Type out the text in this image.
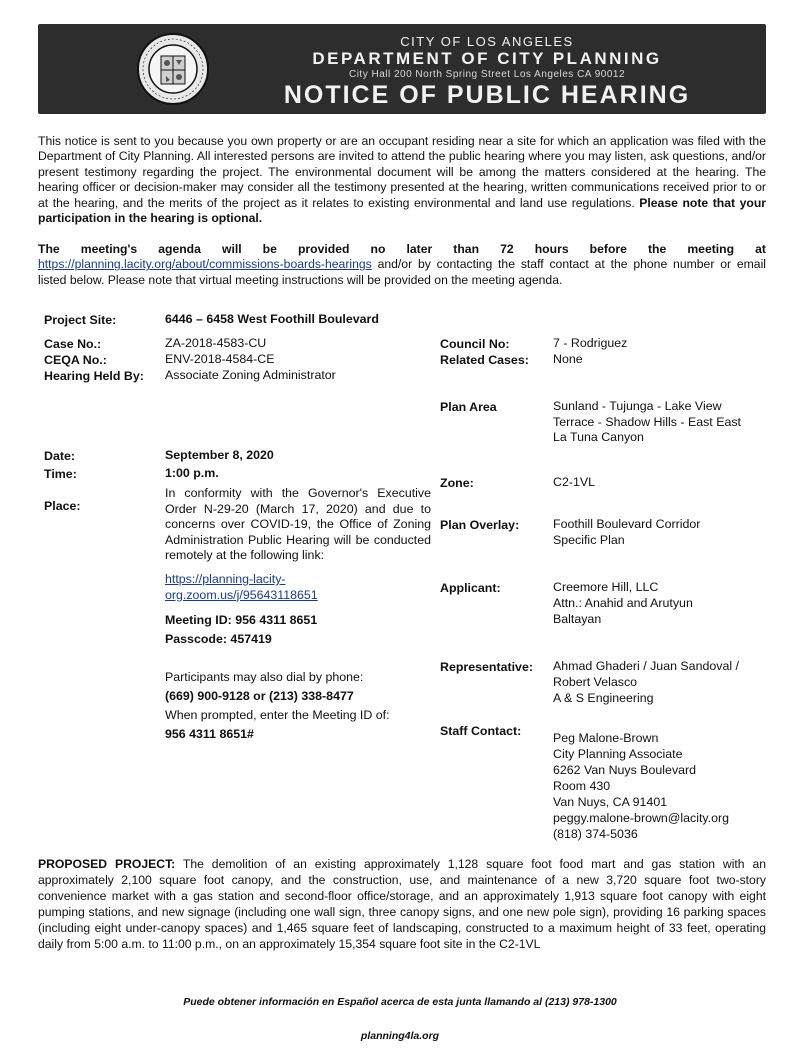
CITY OF LOS ANGELES
DEPARTMENT OF CITY PLANNING
City Hall 200 North Spring Street Los Angeles CA 90012
NOTICE OF PUBLIC HEARING
This notice is sent to you because you own property or are an occupant residing near a site for which an application was filed with the Department of City Planning. All interested persons are invited to attend the public hearing where you may listen, ask questions, and/or present testimony regarding the project. The environmental document will be among the matters considered at the hearing. The hearing officer or decision-maker may consider all the testimony presented at the hearing, written communications received prior to or at the hearing, and the merits of the project as it relates to existing environmental and land use regulations. Please note that your participation in the hearing is optional.
The meeting's agenda will be provided no later than 72 hours before the meeting at
https://planning.lacity.org/about/commissions-boards-hearings and/or by contacting the staff contact at the phone number or email listed below. Please note that virtual meeting instructions will be provided on the meeting agenda.
Project Site:	6446 – 6458 West Foothill Boulevard
Case No.:	ZA-2018-4583-CU
CEQA No.:	ENV-2018-4584-CE
Hearing Held By: Associate Zoning Administrator
Date:	September 8, 2020
Time:	1:00 p.m.
Place:
In conformity with the Governor's Executive Order N-29-20 (March 17, 2020) and due to concerns over COVID-19, the Office of Zoning Administration Public Hearing will be conducted remotely at the following link:
https://planning-lacity-org.zoom.us/j/95643118651
Meeting ID: 956 4311 8651
Passcode: 457419
Participants may also dial by phone:
(669) 900-9128 or (213) 338-8477
When prompted, enter the Meeting ID of:
956 4311 8651#
Council No:	7 - Rodriguez
Related Cases: None
Plan Area	Sunland - Tujunga - Lake View Terrace - Shadow Hills - East East La Tuna Canyon
Zone:	C2-1VL
Plan Overlay:	Foothill Boulevard Corridor Specific Plan
Applicant:	Creemore Hill, LLC
Attn.: Anahid and Arutyun Baltayan
Representative: Ahmad Ghaderi / Juan Sandoval / Robert Velasco
A & S Engineering
Staff Contact:	Peg Malone-Brown
City Planning Associate
6262 Van Nuys Boulevard
Room 430
Van Nuys, CA 91401
peggy.malone-brown@lacity.org
(818) 374-5036
PROPOSED PROJECT: The demolition of an existing approximately 1,128 square foot food mart and gas station with an approximately 2,100 square foot canopy, and the construction, use, and maintenance of a new 3,720 square foot two-story convenience market with a gas station and second-floor office/storage, and an approximately 1,913 square foot canopy with eight pumping stations, and new signage (including one wall sign, three canopy signs, and one new pole sign), providing 16 parking spaces (including eight under-canopy spaces) and 1,465 square feet of landscaping, constructed to a maximum height of 33 feet, operating daily from 5:00 a.m. to 11:00 p.m., on an approximately 15,354 square foot site in the C2-1VL
Puede obtener información en Español acerca de esta junta llamando al (213) 978-1300
planning4la.org
